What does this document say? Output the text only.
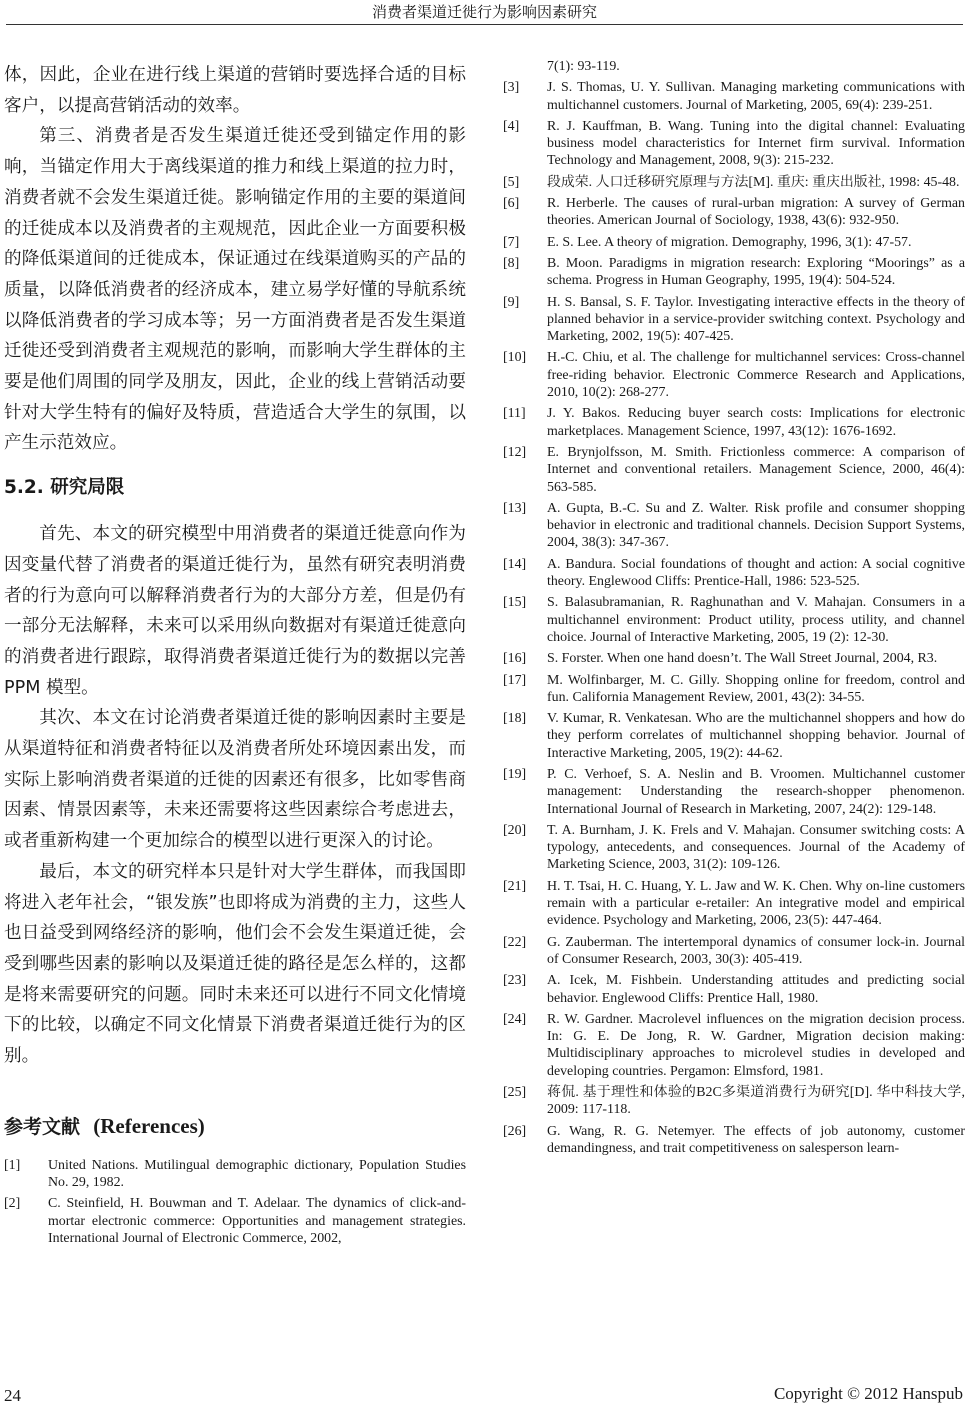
消费者渠道迁徙行为影响因素研究

体，因此，企业在进行线上渠道的营销时要选择合适的目标客户，以提高营销活动的效率。

第三、消费者是否发生渠道迁徙还受到锚定作用的影响，当锚定作用大于离线渠道的推力和线上渠道的拉力时，消费者就不会发生渠道迁徙。影响锚定作用的主要的渠道间的迁徙成本以及消费者的主观规范，因此企业一方面要积极的降低渠道间的迁徙成本，保证通过在线渠道购买的产品的质量，以降低消费者的经济成本，建立易学好懂的导航系统以降低消费者的学习成本等；另一方面消费者是否发生渠道迁徙还受到消费者主观规范的影响，而影响大学生群体的主要是他们周围的同学及朋友，因此，企业的线上营销活动要针对大学生特有的偏好及特质，营造适合大学生的氛围，以产生示范效应。

5.2. 研究局限

首先、本文的研究模型中用消费者的渠道迁徙意向作为因变量代替了消费者的渠道迁徙行为，虽然有研究表明消费者的行为意向可以解释消费者行为的大部分方差，但是仍有一部分无法解释，未来可以采用纵向数据对有渠道迁徙意向的消费者进行跟踪，取得消费者渠道迁徙行为的数据以完善 PPM 模型。

其次、本文在讨论消费者渠道迁徙的影响因素时主要是从渠道特征和消费者特征以及消费者所处环境因素出发，而实际上影响消费者渠道的迁徙的因素还有很多，比如零售商因素、情景因素等，未来还需要将这些因素综合考虑进去，或者重新构建一个更加综合的模型以进行更深入的讨论。

最后，本文的研究样本只是针对大学生群体，而我国即将进入老年社会，“银发族”也即将成为消费的主力，这些人也日益受到网络经济的影响，他们会不会发生渠道迁徙，会受到哪些因素的影响以及渠道迁徙的路径是怎么样的，这都是将来需要研究的问题。同时未来还可以进行不同文化情境下的比较，以确定不同文化情景下消费者渠道迁徙行为的区别。

参考文献 (References)
[1]	United Nations. Mutilingual demographic dictionary, Population Studies No. 29, 1982.
[2]	C. Steinfield, H. Bouwman and T. Adelaar. The dynamics of click-and-mortar electronic commerce: Opportunities and management strategies. International Journal of Electronic Commerce, 2002,
7(1): 93-119.
[3]	J. S. Thomas, U. Y. Sullivan. Managing marketing communications with multichannel customers. Journal of Marketing, 2005, 69(4): 239-251.
[4]	R. J. Kauffman, B. Wang. Tuning into the digital channel: Evaluating business model characteristics for Internet firm survival. Information Technology and Management, 2008, 9(3): 215-232.
[5]	段成荣. 人口迁移研究原理与方法[M]. 重庆: 重庆出版社, 1998: 45-48.
[6]	R. Herberle. The causes of rural-urban migration: A survey of German theories. American Journal of Sociology, 1938, 43(6): 932-950.
[7]	E. S. Lee. A theory of migration. Demography, 1996, 3(1): 47-57.
[8]	B. Moon. Paradigms in migration research: Exploring “Moorings” as a schema. Progress in Human Geography, 1995, 19(4): 504-524.
[9]	H. S. Bansal, S. F. Taylor. Investigating interactive effects in the theory of planned behavior in a service-provider switching context. Psychology and Marketing, 2002, 19(5): 407-425.
[10]	H.-C. Chiu, et al. The challenge for multichannel services: Cross-channel free-riding behavior. Electronic Commerce Research and Applications, 2010, 10(2): 268-277.
[11]	J. Y. Bakos. Reducing buyer search costs: Implications for electronic marketplaces. Management Science, 1997, 43(12): 1676-1692.
[12]	E. Brynjolfsson, M. Smith. Frictionless commerce: A comparison of Internet and conventional retailers. Management Science, 2000, 46(4): 563-585.
[13]	A. Gupta, B.-C. Su and Z. Walter. Risk profile and consumer shopping behavior in electronic and traditional channels. Decision Support Systems, 2004, 38(3): 347-367.
[14]	A. Bandura. Social foundations of thought and action: A social cognitive theory. Englewood Cliffs: Prentice-Hall, 1986: 523-525.
[15]	S. Balasubramanian, R. Raghunathan and V. Mahajan. Consumers in a multichannel environment: Product utility, process utility, and channel choice. Journal of Interactive Marketing, 2005, 19 (2): 12-30.
[16]	S. Forster. When one hand doesn’t. The Wall Street Journal, 2004, R3.
[17]	M. Wolfinbarger, M. C. Gilly. Shopping online for freedom, control and fun. California Management Review, 2001, 43(2): 34-55.
[18]	V. Kumar, R. Venkatesan. Who are the multichannel shoppers and how do they perform correlates of multichannel shopping behavior. Journal of Interactive Marketing, 2005, 19(2): 44-62.
[19]	P. C. Verhoef, S. A. Neslin and B. Vroomen. Multichannel customer management: Understanding the research-shopper phenomenon. International Journal of Research in Marketing, 2007, 24(2): 129-148.
[20]	T. A. Burnham, J. K. Frels and V. Mahajan. Consumer switching costs: A typology, antecedents, and consequences. Journal of the Academy of Marketing Science, 2003, 31(2): 109-126.
[21]	H. T. Tsai, H. C. Huang, Y. L. Jaw and W. K. Chen. Why on-line customers remain with a particular e-retailer: An integrative model and empirical evidence. Psychology and Marketing, 2006, 23(5): 447-464.
[22]	G. Zauberman. The intertemporal dynamics of consumer lock-in. Journal of Consumer Research, 2003, 30(3): 405-419.
[23]	A. Icek, M. Fishbein. Understanding attitudes and predicting social behavior. Englewood Cliffs: Prentice Hall, 1980.
[24]	R. W. Gardner. Macrolevel influences on the migration decision process. In: G. E. De Jong, R. W. Gardner, Migration decision making: Multidisciplinary approaches to microlevel studies in developed and developing countries. Pergamon: Elmsford, 1981.
[25]	蒋侃. 基于理性和体验的B2C多渠道消费行为研究[D]. 华中科技大学, 2009: 117-118.
[26]	G. Wang, R. G. Netemyer. The effects of job autonomy, customer demandingness, and trait competitiveness on salesperson learn-
24	Copyright © 2012 Hanspub
